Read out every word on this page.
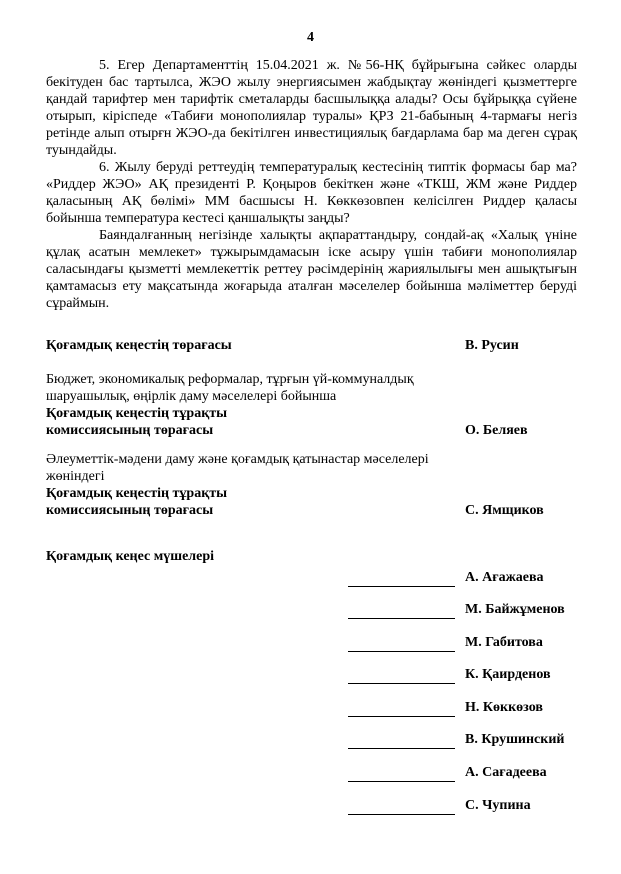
4

5. Егер Департаменттің 15.04.2021 ж. №56-НҚ бұйрығына сәйкес оларды бекітуден бас тартылса, ЖЭО жылу энергиясымен жабдықтау жөніндегі қызметтерге қандай тарифтер мен тарифтік сметаларды басшылыққа алады? Осы бұйрыққа сүйене отырып, кіріспеде «Табиғи монополиялар туралы» ҚРЗ 21-бабының 4-тармағы негіз ретінде алып отырғн ЖЭО-да бекітілген инвестициялық бағдарлама бар ма деген сұрақ туындайды.

6. Жылу беруді реттеудің температуралық кестесінің типтік формасы бар ма? «Риддер ЖЭО» АҚ президенті Р. Қоңыров бекіткен және «ТКШ, ЖМ және Риддер қаласының АҚ бөлімі» ММ басшысы Н. Көккөзовпен келісілген Риддер қаласы бойынша температура кестесі қаншалықты заңды?

Баяндалғанның негізінде халықты ақпараттандыру, сондай-ақ «Халық үніне құлақ асатын мемлекет» тұжырымдамасын іске асыру үшін табиғи монополиялар саласындағы қызметті мемлекеттік реттеу рәсімдерінің жариялылығы мен ашықтығын қамтамасыз ету мақсатында жоғарыда аталған мәселелер бойынша мәліметтер беруді сұраймын.

Қоғамдық кеңестің төрағасы	В. Русин
Бюджет, экономикалық реформалар, тұрғын үй-коммуналдық
шаруашылық, өңірлік даму мәселелері бойынша
Қоғамдық кеңестің тұрақты
комиссиясының төрағасы	О. Беляев
Әлеуметтік-мәдени даму және қоғамдық қатынастар мәселелері
жөніндегі
Қоғамдық кеңестің тұрақты
комиссиясының төрағасы	С. Ямщиков
Қоғамдық кеңес мүшелері
А. Ағажаева
М. Байжұменов
М. Габитова
К. Қаирденов
Н. Көккөзов
В. Крушинский
А. Сағадеева
С. Чупина
